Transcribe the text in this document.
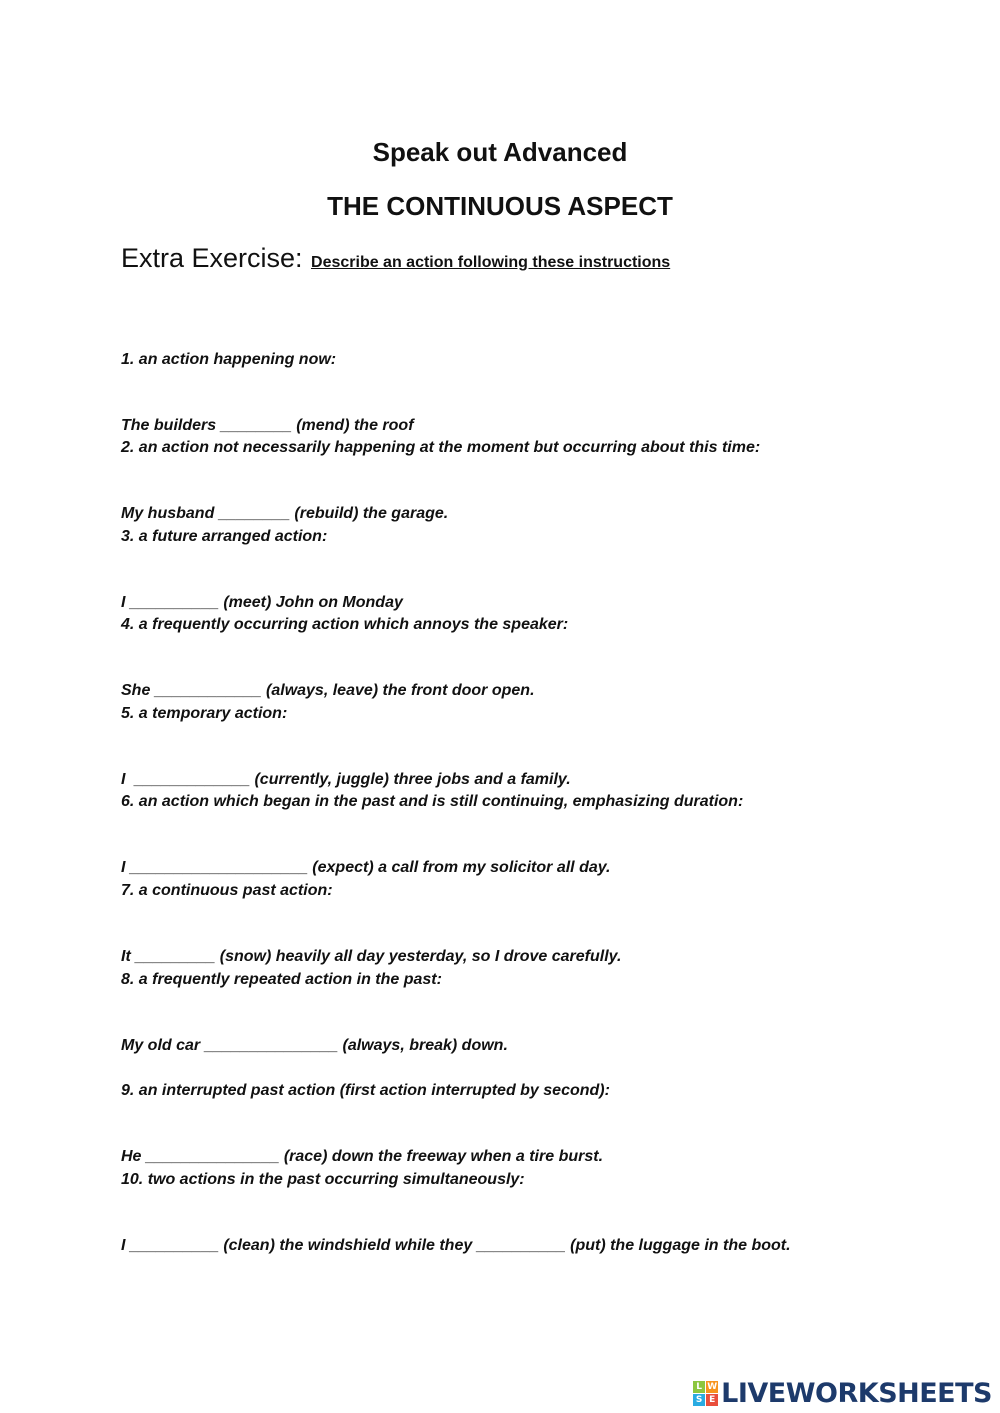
Speak out Advanced
THE CONTINUOUS ASPECT
Extra Exercise: Describe an action following these instructions

1. an action happening now:

The builders ________ (mend) the roof

2. an action not necessarily happening at the moment but occurring about this time:

My husband ________ (rebuild) the garage.

3. a future arranged action:

I __________ (meet) John on Monday

4. a frequently occurring action which annoys the speaker:

She ____________ (always, leave) the front door open.

5. a temporary action:

I  _____________ (currently, juggle) three jobs and a family.

6. an action which began in the past and is still continuing, emphasizing duration:

I ____________________ (expect) a call from my solicitor all day.

7. a continuous past action:

It _________ (snow) heavily all day yesterday, so I drove carefully.

8. a frequently repeated action in the past:

My old car _______________ (always, break) down.

9. an interrupted past action (first action interrupted by second):

He _______________ (race) down the freeway when a tire burst.

10. two actions in the past occurring simultaneously:

I __________ (clean) the windshield while they __________ (put) the luggage in the boot.

L W
S E LIVEWORKSHEETS
